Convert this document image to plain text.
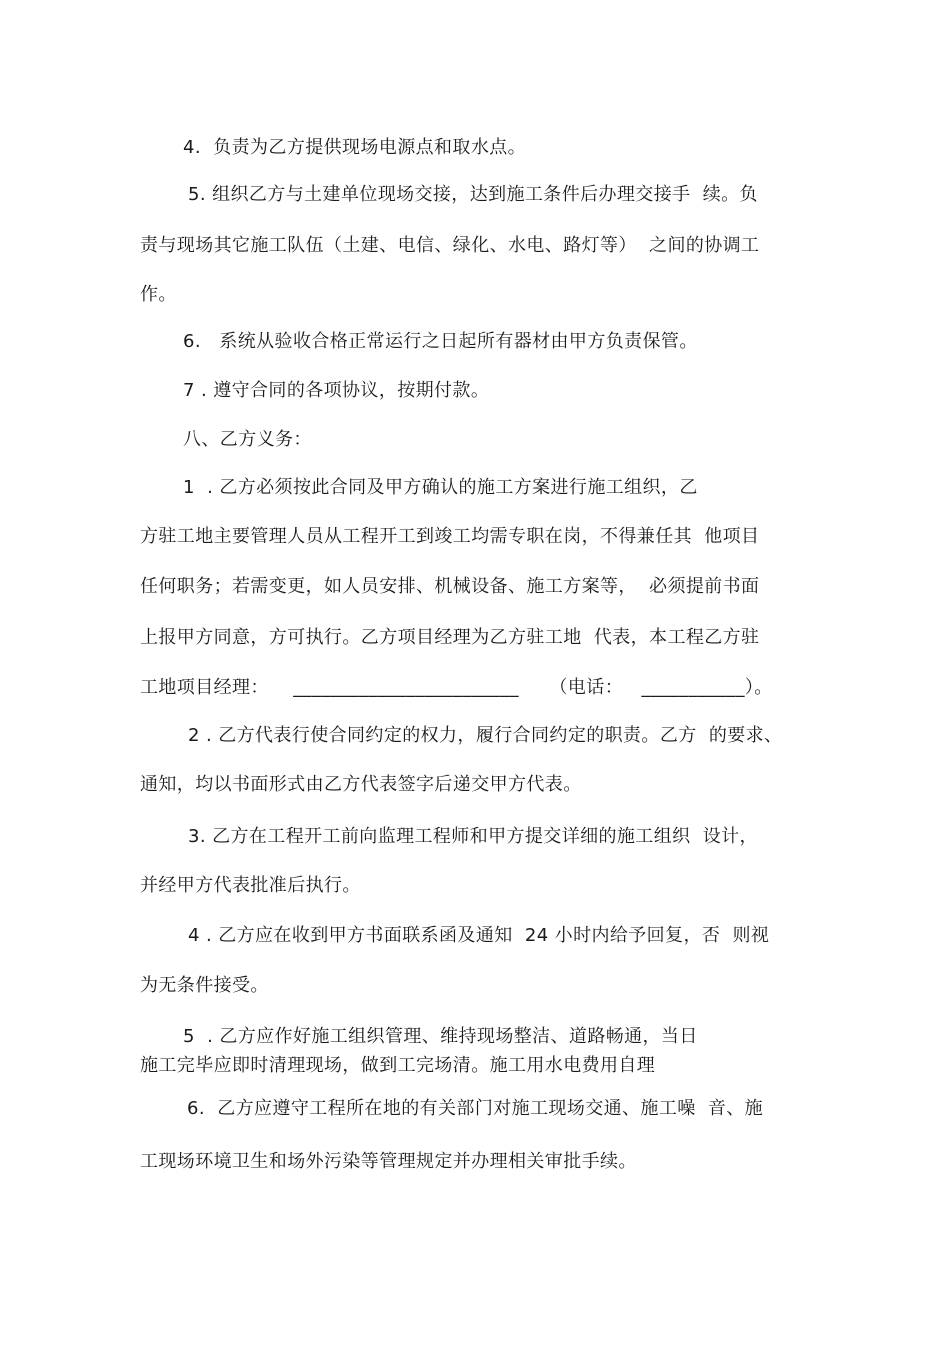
4.  负责为乙方提供现场电源点和取水点。
5. 组织乙方与土建单位现场交接，达到施工条件后办理交接手  续。负
责与现场其它施工队伍（土建、电信、绿化、水电、路灯等）  之间的协调工
作。
6.   系统从验收合格正常运行之日起所有器材由甲方负责保管。
7 . 遵守合同的各项协议，按期付款。
八、乙方义务：
1  . 乙方必须按此合同及甲方确认的施工方案进行施工组织，乙
方驻工地主要管理人员从工程开工到竣工均需专职在岗，不得兼任其  他项目
任何职务；若需变更，如人员安排、机械设备、施工方案等，  必须提前书面
上报甲方同意，方可执行。乙方项目经理为乙方驻工地  代表，本工程乙方驻
工地项目经理：    ________________________     （电话：   ___________）。
2 . 乙方代表行使合同约定的权力，履行合同约定的职责。乙方  的要求、
通知，均以书面形式由乙方代表签字后递交甲方代表。
3. 乙方在工程开工前向监理工程师和甲方提交详细的施工组织  设计，
并经甲方代表批准后执行。
4 . 乙方应在收到甲方书面联系函及通知  24 小时内给予回复，否  则视
为无条件接受。
5  . 乙方应作好施工组织管理、维持现场整洁、道路畅通，当日
施工完毕应即时清理现场，做到工完场清。施工用水电费用自理
6.  乙方应遵守工程所在地的有关部门对施工现场交通、施工噪  音、施
工现场环境卫生和场外污染等管理规定并办理相关审批手续。
